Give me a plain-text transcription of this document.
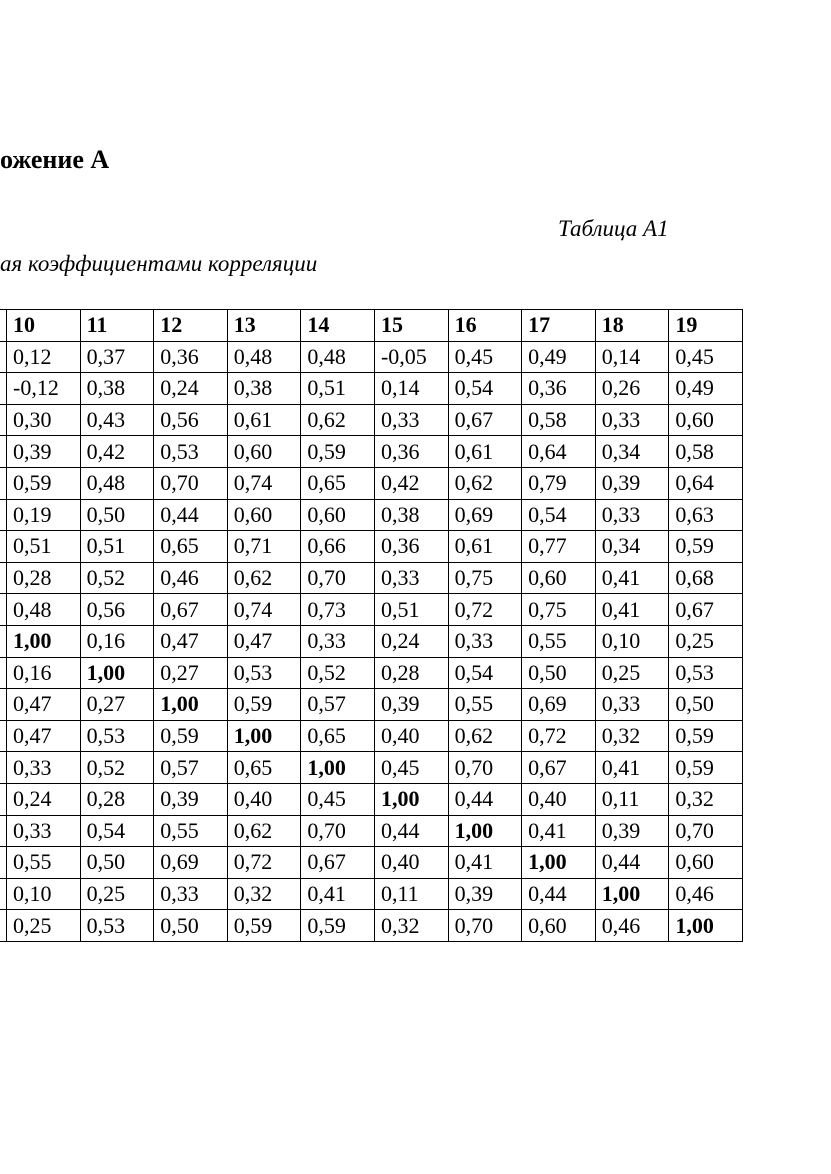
ожение А
Таблица А1
ая коэффициентами корреляции
	10	11	12	13	14	15	16	17	18	19
	0,12	0,37	0,36	0,48	0,48	-0,05	0,45	0,49	0,14	0,45
	-0,12	0,38	0,24	0,38	0,51	0,14	0,54	0,36	0,26	0,49
	0,30	0,43	0,56	0,61	0,62	0,33	0,67	0,58	0,33	0,60
	0,39	0,42	0,53	0,60	0,59	0,36	0,61	0,64	0,34	0,58
	0,59	0,48	0,70	0,74	0,65	0,42	0,62	0,79	0,39	0,64
	0,19	0,50	0,44	0,60	0,60	0,38	0,69	0,54	0,33	0,63
	0,51	0,51	0,65	0,71	0,66	0,36	0,61	0,77	0,34	0,59
	0,28	0,52	0,46	0,62	0,70	0,33	0,75	0,60	0,41	0,68
	0,48	0,56	0,67	0,74	0,73	0,51	0,72	0,75	0,41	0,67
	1,00	0,16	0,47	0,47	0,33	0,24	0,33	0,55	0,10	0,25
	0,16	1,00	0,27	0,53	0,52	0,28	0,54	0,50	0,25	0,53
	0,47	0,27	1,00	0,59	0,57	0,39	0,55	0,69	0,33	0,50
	0,47	0,53	0,59	1,00	0,65	0,40	0,62	0,72	0,32	0,59
	0,33	0,52	0,57	0,65	1,00	0,45	0,70	0,67	0,41	0,59
	0,24	0,28	0,39	0,40	0,45	1,00	0,44	0,40	0,11	0,32
	0,33	0,54	0,55	0,62	0,70	0,44	1,00	0,41	0,39	0,70
	0,55	0,50	0,69	0,72	0,67	0,40	0,41	1,00	0,44	0,60
	0,10	0,25	0,33	0,32	0,41	0,11	0,39	0,44	1,00	0,46
	0,25	0,53	0,50	0,59	0,59	0,32	0,70	0,60	0,46	1,00
